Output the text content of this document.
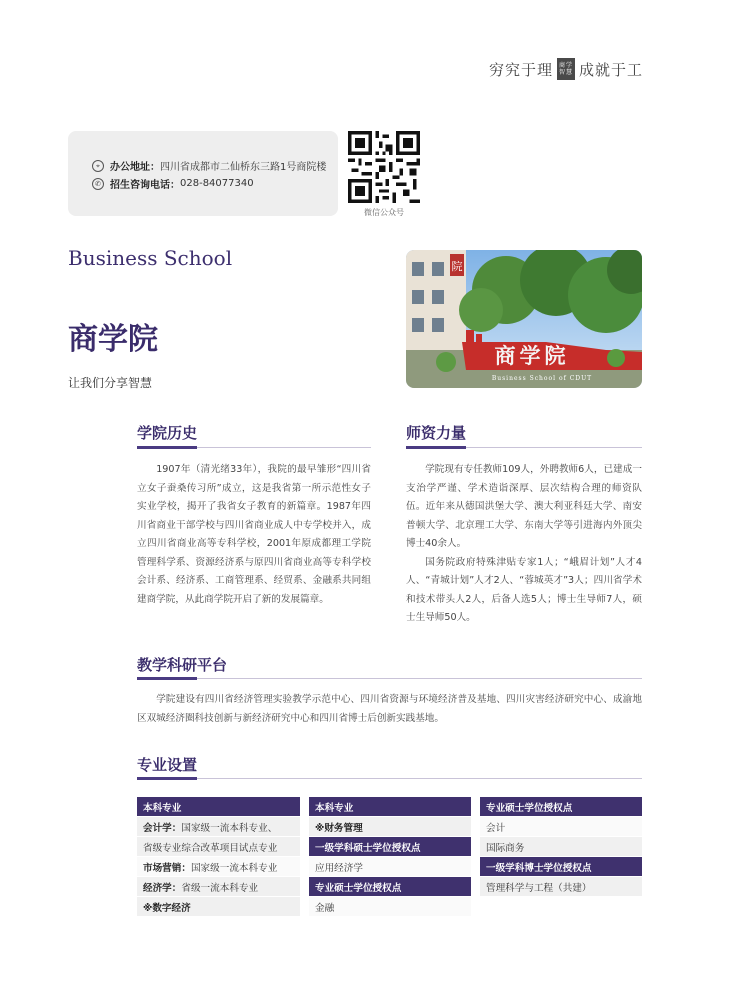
穷究于理 商学智慧 成就于工
⌖	办公地址： 四川省成都市二仙桥东三路1号商院楼
✆ 招生咨询电话： 028-84077340
微信公众号
Business School
商学院
让我们分享智慧
院
商学院
Business School of CDUT
学院历史

1907年（清光绪33年），我院的最早雏形“四川省立女子蚕桑传习所”成立，这是我省第一所示范性女子实业学校，揭开了我省女子教育的新篇章。1987年四川省商业干部学校与四川省商业成人中专学校并入，成立四川省商业高等专科学校，2001年原成都理工学院管理科学系、资源经济系与原四川省商业高等专科学校会计系、经济系、工商管理系、经贸系、金融系共同组建商学院，从此商学院开启了新的发展篇章。

师资力量

学院现有专任教师109人，外聘教师6人，已建成一支治学严谨、学术造诣深厚、层次结构合理的师资队伍。近年来从德国洪堡大学、澳大利亚科廷大学、南安普顿大学、北京理工大学、东南大学等引进海内外顶尖博士40余人。

国务院政府特殊津贴专家1人；“峨眉计划”人才4人、“青城计划”人才2人、“蓉城英才”3人；四川省学术和技术带头人2人，后备人选5人；博士生导师7人，硕士生导师50人。

教学科研平台

学院建设有四川省经济管理实验教学示范中心、四川省资源与环境经济普及基地、四川灾害经济研究中心、成渝地区双城经济圈科技创新与新经济研究中心和四川省博士后创新实践基地。

专业设置
本科专业
会计学：国家级一流本科专业、
省级专业综合改革项目试点专业
市场营销：国家级一流本科专业
经济学：省级一流本科专业
※数字经济
本科专业
※财务管理
一级学科硕士学位授权点
应用经济学
专业硕士学位授权点
金融
专业硕士学位授权点
会计
国际商务
一级学科博士学位授权点
管理科学与工程（共建）
